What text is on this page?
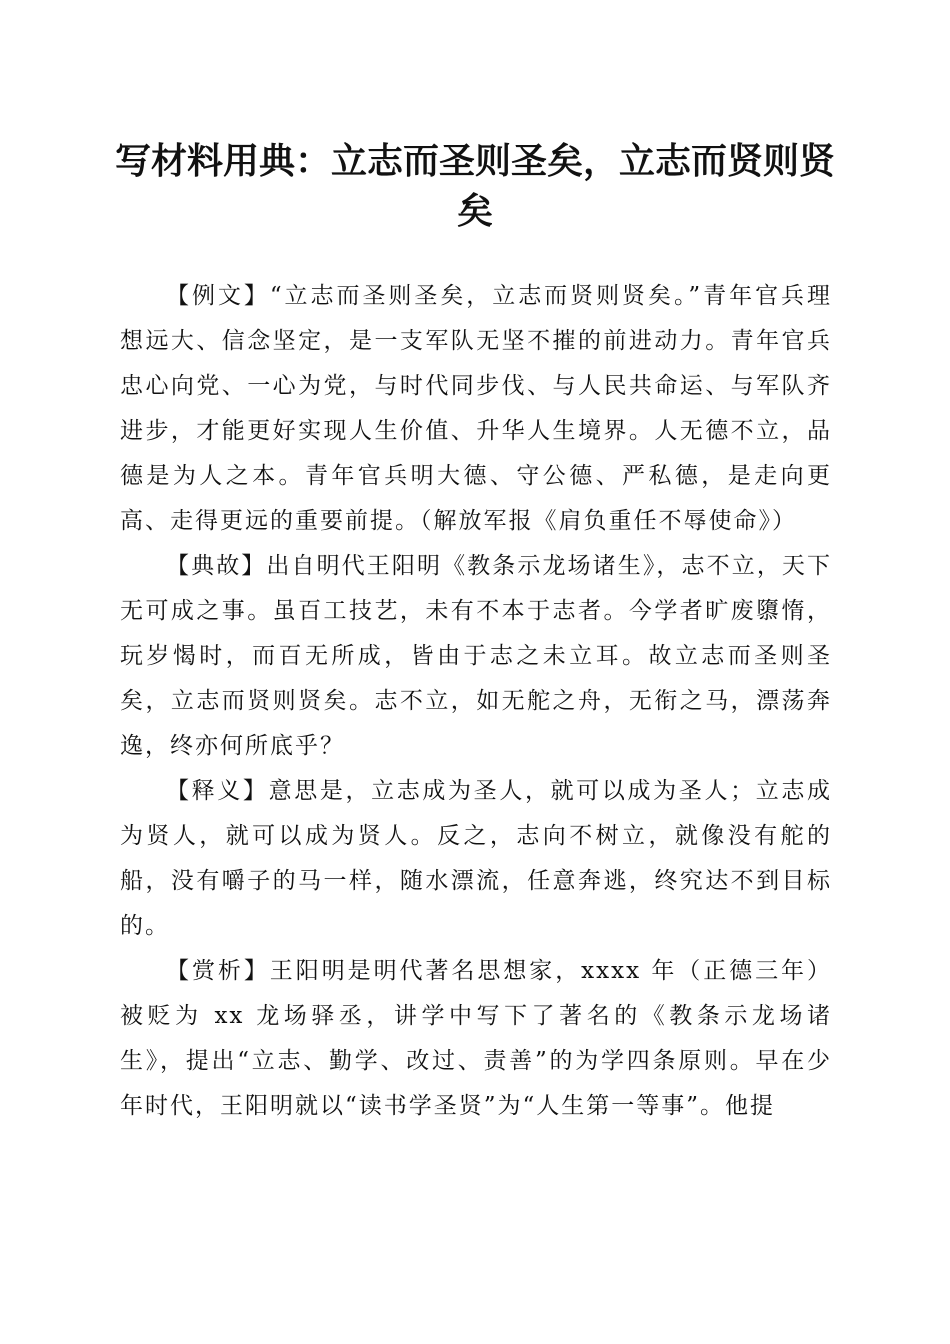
写材料用典：立志而圣则圣矣，立志而贤则贤矣

【例文】“立志而圣则圣矣，立志而贤则贤矣。”青年官兵理想远大、信念坚定，是一支军队无坚不摧的前进动力。青年官兵忠心向党、一心为党，与时代同步伐、与人民共命运、与军队齐进步，才能更好实现人生价值、升华人生境界。人无德不立，品德是为人之本。青年官兵明大德、守公德、严私德，是走向更高、走得更远的重要前提。（解放军报《肩负重任不辱使命》）

【典故】出自明代王阳明《教条示龙场诸生》，志不立，天下无可成之事。虽百工技艺，未有不本于志者。今学者旷废隳惰，玩岁愒时，而百无所成，皆由于志之未立耳。故立志而圣则圣矣，立志而贤则贤矣。志不立，如无舵之舟，无衔之马，漂荡奔逸，终亦何所底乎？

【释义】意思是，立志成为圣人，就可以成为圣人；立志成为贤人，就可以成为贤人。反之，志向不树立，就像没有舵的船，没有嚼子的马一样，随水漂流，任意奔逃，终究达不到目标的。

【赏析】王阳明是明代著名思想家，xxxx 年（正德三年）被贬为 xx 龙场驿丞，讲学中写下了著名的《教条示龙场诸生》，提出“立志、勤学、改过、责善”的为学四条原则。早在少年时代，王阳明就以“读书学圣贤”为“人生第一等事”。他提
